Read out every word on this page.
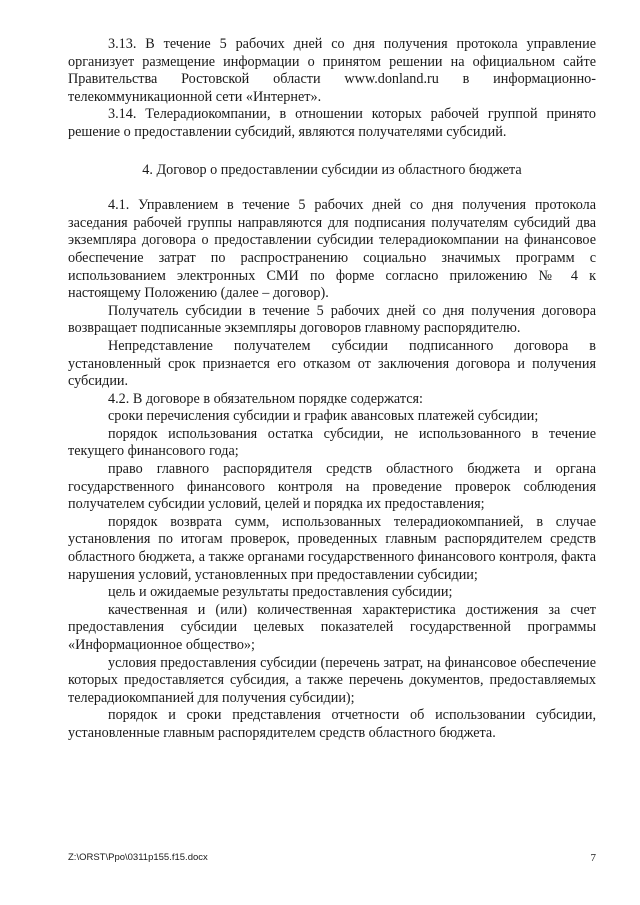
3.13. В течение 5 рабочих дней со дня получения протокола управление организует размещение информации о принятом решении на официальном сайте Правительства Ростовской области www.donland.ru в информационно-телекоммуникационной сети «Интернет».

3.14. Телерадиокомпании, в отношении которых рабочей группой принято решение о предоставлении субсидий, являются получателями субсидий.

4. Договор о предоставлении субсидии из областного бюджета

4.1. Управлением в течение 5 рабочих дней со дня получения протокола заседания рабочей группы направляются для подписания получателям субсидий два экземпляра договора о предоставлении субсидии телерадиокомпании на финансовое обеспечение затрат по распространению социально значимых программ с использованием электронных СМИ по форме согласно приложению № 4 к настоящему Положению (далее – договор).

Получатель субсидии в течение 5 рабочих дней со дня получения договора возвращает подписанные экземпляры договоров главному распорядителю.

Непредставление получателем субсидии подписанного договора в установленный срок признается его отказом от заключения договора и получения субсидии.

4.2. В договоре в обязательном порядке содержатся:

сроки перечисления субсидии и график авансовых платежей субсидии;

порядок использования остатка субсидии, не использованного в течение текущего финансового года;

право главного распорядителя средств областного бюджета и органа государственного финансового контроля на проведение проверок соблюдения получателем субсидии условий, целей и порядка их предоставления;

порядок возврата сумм, использованных телерадиокомпанией, в случае установления по итогам проверок, проведенных главным распорядителем средств областного бюджета, а также органами государственного финансового контроля, факта нарушения условий, установленных при предоставлении субсидии;

цель и ожидаемые результаты предоставления субсидии;

качественная и (или) количественная характеристика достижения за счет предоставления субсидии целевых показателей государственной программы «Информационное общество»;

условия предоставления субсидии (перечень затрат, на финансовое обеспечение которых предоставляется субсидия, а также перечень документов, предоставляемых телерадиокомпанией для получения субсидии);

порядок и сроки представления отчетности об использовании субсидии, установленные главным распорядителем средств областного бюджета.

Z:\ORST\Ppo\0311p155.f15.docx	7
